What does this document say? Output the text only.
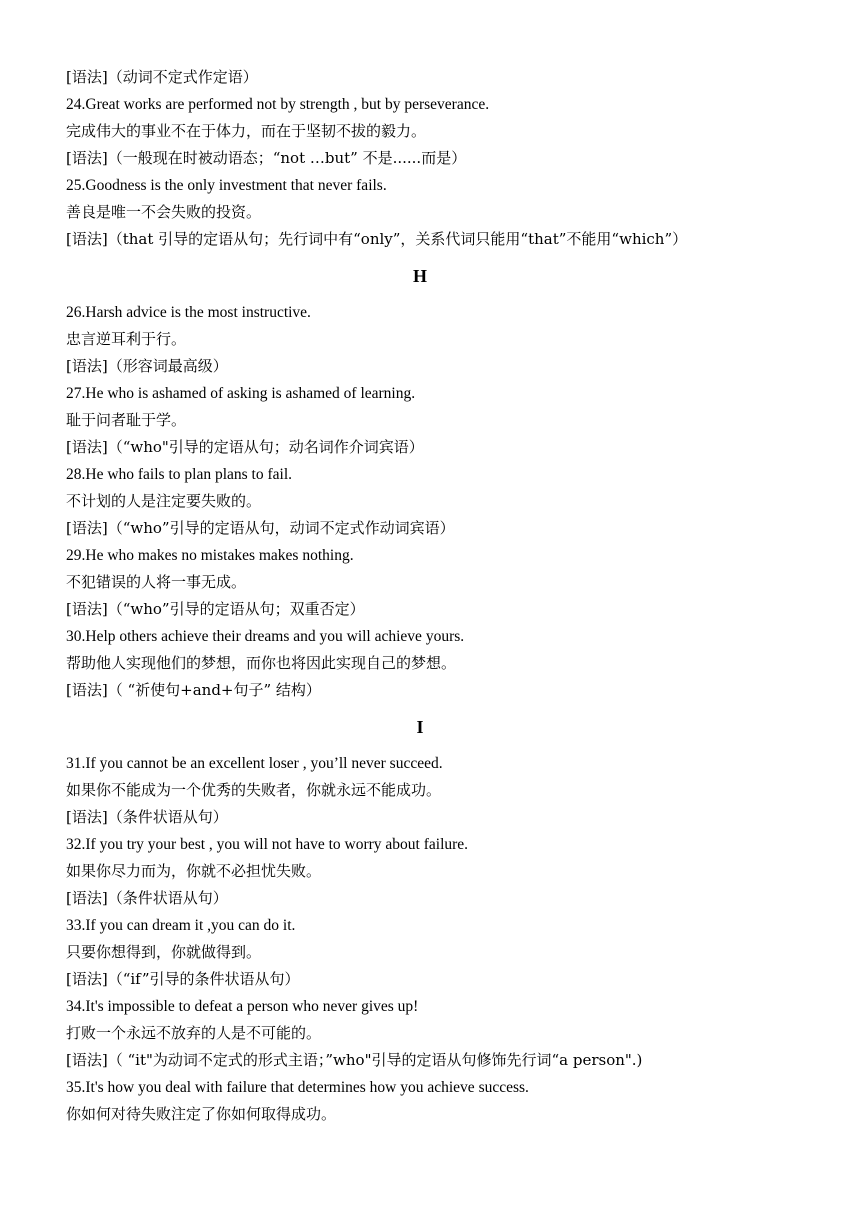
[语法]（动词不定式作定语）
24.Great works are performed not by strength , but by perseverance.
完成伟大的事业不在于体力，而在于坚韧不拔的毅力。
[语法]（一般现在时被动语态；“not …but” 不是......而是）
25.Goodness is the only investment that never fails.
善良是唯一不会失败的投资。
[语法]（that 引导的定语从句；先行词中有“only”，关系代词只能用“that”不能用“which”）
H
26.Harsh advice is the most instructive.
忠言逆耳利于行。
[语法]（形容词最高级）
27.He who is ashamed of asking is ashamed of learning.
耻于问者耻于学。
[语法]（“who"引导的定语从句；动名词作介词宾语）
28.He who fails to plan plans to fail.
不计划的人是注定要失败的。
[语法]（“who”引导的定语从句，动词不定式作动词宾语）
29.He who makes no mistakes makes nothing.
不犯错误的人将一事无成。
[语法]（“who”引导的定语从句；双重否定）
30.Help others achieve their dreams and you will achieve yours.
帮助他人实现他们的梦想，而你也将因此实现自己的梦想。
[语法]（ “祈使句+and+句子” 结构）
I
31.If you cannot be an excellent loser , you’ll never succeed.
如果你不能成为一个优秀的失败者，你就永远不能成功。
[语法]（条件状语从句）
32.If you try your best , you will not have to worry about failure.
如果你尽力而为，你就不必担忧失败。
[语法]（条件状语从句）
33.If you can dream it ,you can do it.
只要你想得到，你就做得到。
[语法]（“if”引导的条件状语从句）
34.It's impossible to defeat a person who never gives up!
打败一个永远不放弃的人是不可能的。
[语法]（ “it"为动词不定式的形式主语；”who"引导的定语从句修饰先行词“a person".)
35.It's how you deal with failure that determines how you achieve success.
你如何对待失败注定了你如何取得成功。
